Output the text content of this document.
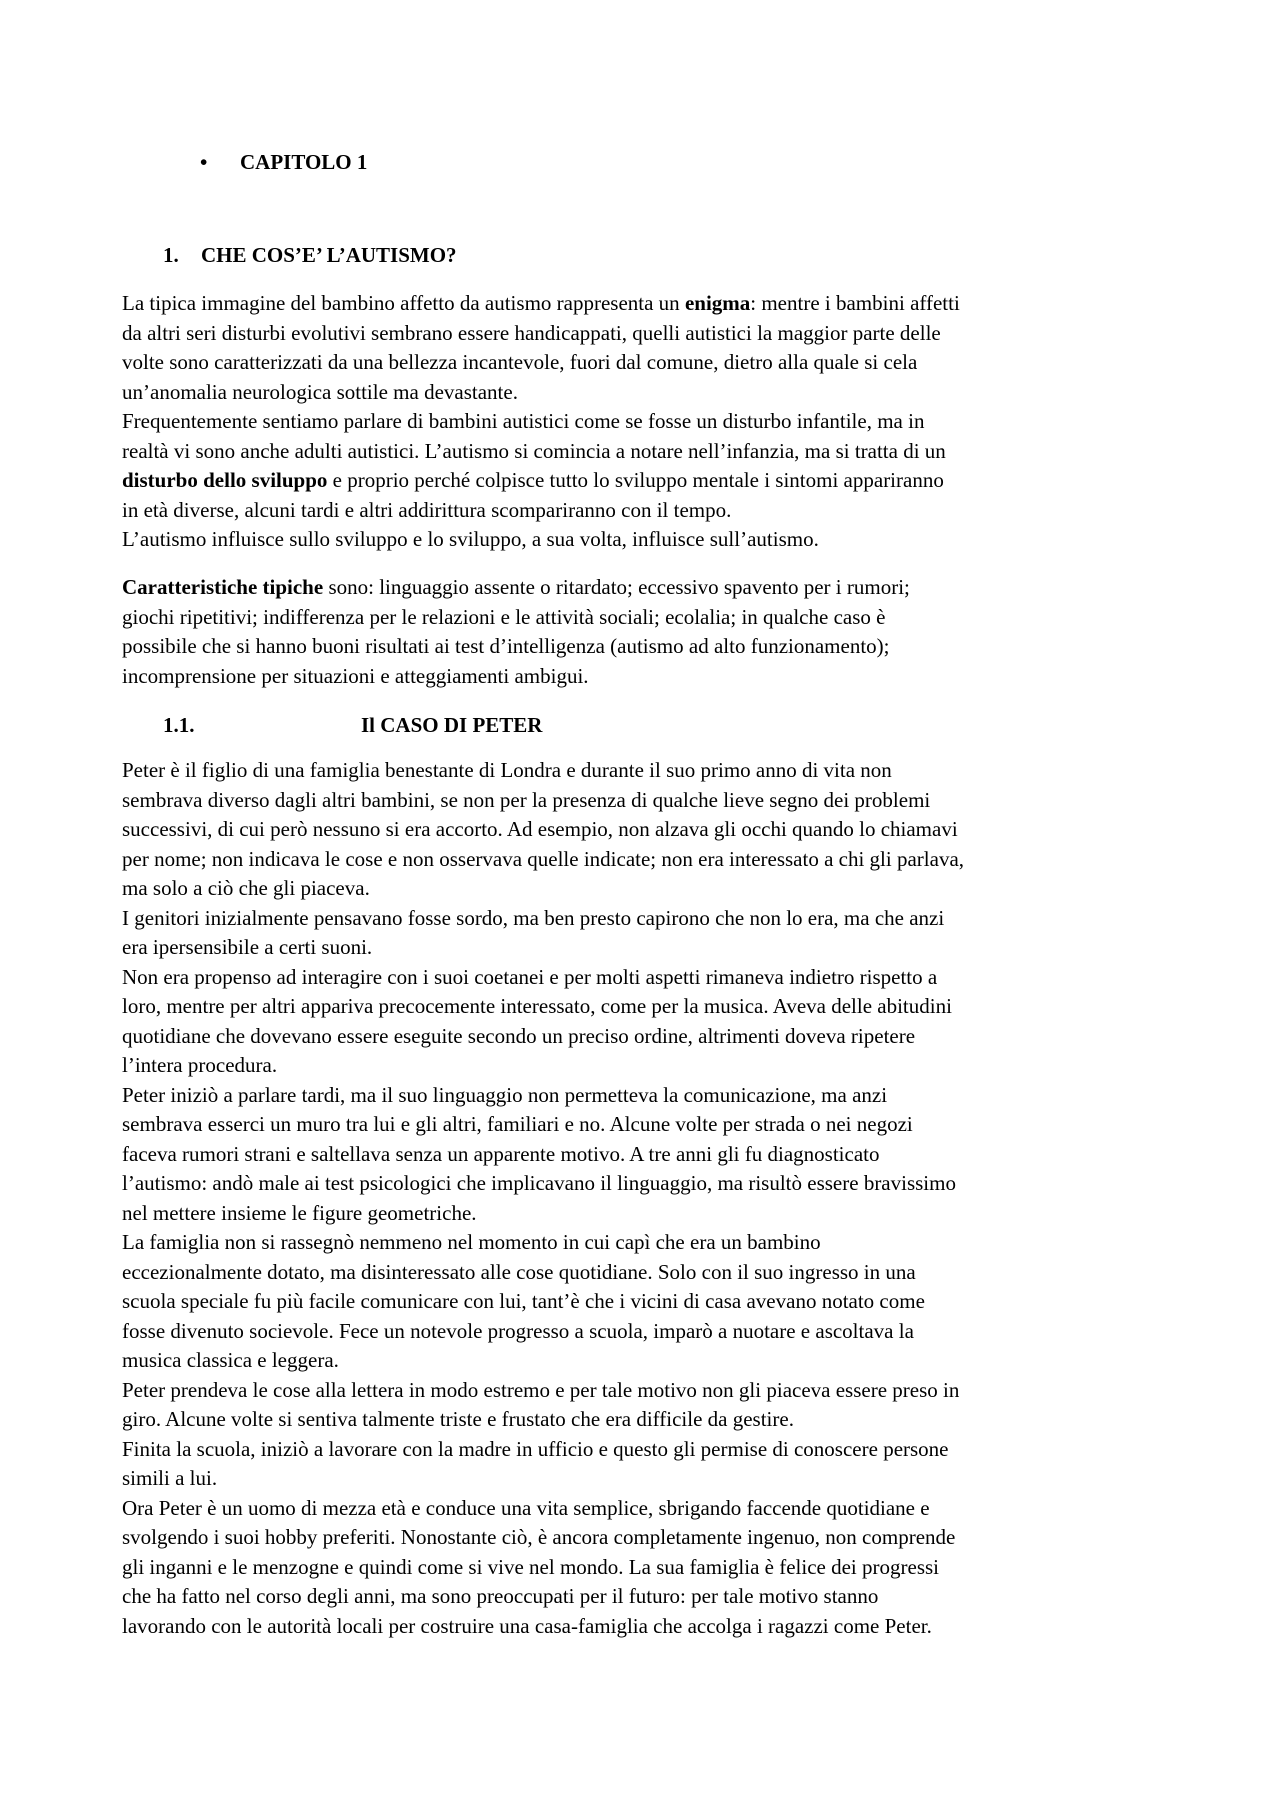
• CAPITOLO 1
1. CHE COS’E’ L’AUTISMO?
La tipica immagine del bambino affetto da autismo rappresenta un enigma: mentre i bambini affetti
da altri seri disturbi evolutivi sembrano essere handicappati, quelli autistici la maggior parte delle
volte sono caratterizzati da una bellezza incantevole, fuori dal comune, dietro alla quale si cela
un’anomalia neurologica sottile ma devastante.
Frequentemente sentiamo parlare di bambini autistici come se fosse un disturbo infantile, ma in
realtà vi sono anche adulti autistici. L’autismo si comincia a notare nell’infanzia, ma si tratta di un
disturbo dello sviluppo e proprio perché colpisce tutto lo sviluppo mentale i sintomi appariranno
in età diverse, alcuni tardi e altri addirittura scompariranno con il tempo.
L’autismo influisce sullo sviluppo e lo sviluppo, a sua volta, influisce sull’autismo.
Caratteristiche tipiche sono: linguaggio assente o ritardato; eccessivo spavento per i rumori;
giochi ripetitivi; indifferenza per le relazioni e le attività sociali; ecolalia; in qualche caso è
possibile che si hanno buoni risultati ai test d’intelligenza (autismo ad alto funzionamento);
incomprensione per situazioni e atteggiamenti ambigui.
1.1.	Il CASO DI PETER
Peter è il figlio di una famiglia benestante di Londra e durante il suo primo anno di vita non
sembrava diverso dagli altri bambini, se non per la presenza di qualche lieve segno dei problemi
successivi, di cui però nessuno si era accorto. Ad esempio, non alzava gli occhi quando lo chiamavi
per nome; non indicava le cose e non osservava quelle indicate; non era interessato a chi gli parlava,
ma solo a ciò che gli piaceva.
I genitori inizialmente pensavano fosse sordo, ma ben presto capirono che non lo era, ma che anzi
era ipersensibile a certi suoni.
Non era propenso ad interagire con i suoi coetanei e per molti aspetti rimaneva indietro rispetto a
loro, mentre per altri appariva precocemente interessato, come per la musica. Aveva delle abitudini
quotidiane che dovevano essere eseguite secondo un preciso ordine, altrimenti doveva ripetere
l’intera procedura.
Peter iniziò a parlare tardi, ma il suo linguaggio non permetteva la comunicazione, ma anzi
sembrava esserci un muro tra lui e gli altri, familiari e no. Alcune volte per strada o nei negozi
faceva rumori strani e saltellava senza un apparente motivo. A tre anni gli fu diagnosticato
l’autismo: andò male ai test psicologici che implicavano il linguaggio, ma risultò essere bravissimo
nel mettere insieme le figure geometriche.
La famiglia non si rassegnò nemmeno nel momento in cui capì che era un bambino
eccezionalmente dotato, ma disinteressato alle cose quotidiane. Solo con il suo ingresso in una
scuola speciale fu più facile comunicare con lui, tant’è che i vicini di casa avevano notato come
fosse divenuto socievole. Fece un notevole progresso a scuola, imparò a nuotare e ascoltava la
musica classica e leggera.
Peter prendeva le cose alla lettera in modo estremo e per tale motivo non gli piaceva essere preso in
giro. Alcune volte si sentiva talmente triste e frustato che era difficile da gestire.
Finita la scuola, iniziò a lavorare con la madre in ufficio e questo gli permise di conoscere persone
simili a lui.
Ora Peter è un uomo di mezza età e conduce una vita semplice, sbrigando faccende quotidiane e
svolgendo i suoi hobby preferiti. Nonostante ciò, è ancora completamente ingenuo, non comprende
gli inganni e le menzogne e quindi come si vive nel mondo. La sua famiglia è felice dei progressi
che ha fatto nel corso degli anni, ma sono preoccupati per il futuro: per tale motivo stanno
lavorando con le autorità locali per costruire una casa-famiglia che accolga i ragazzi come Peter.
